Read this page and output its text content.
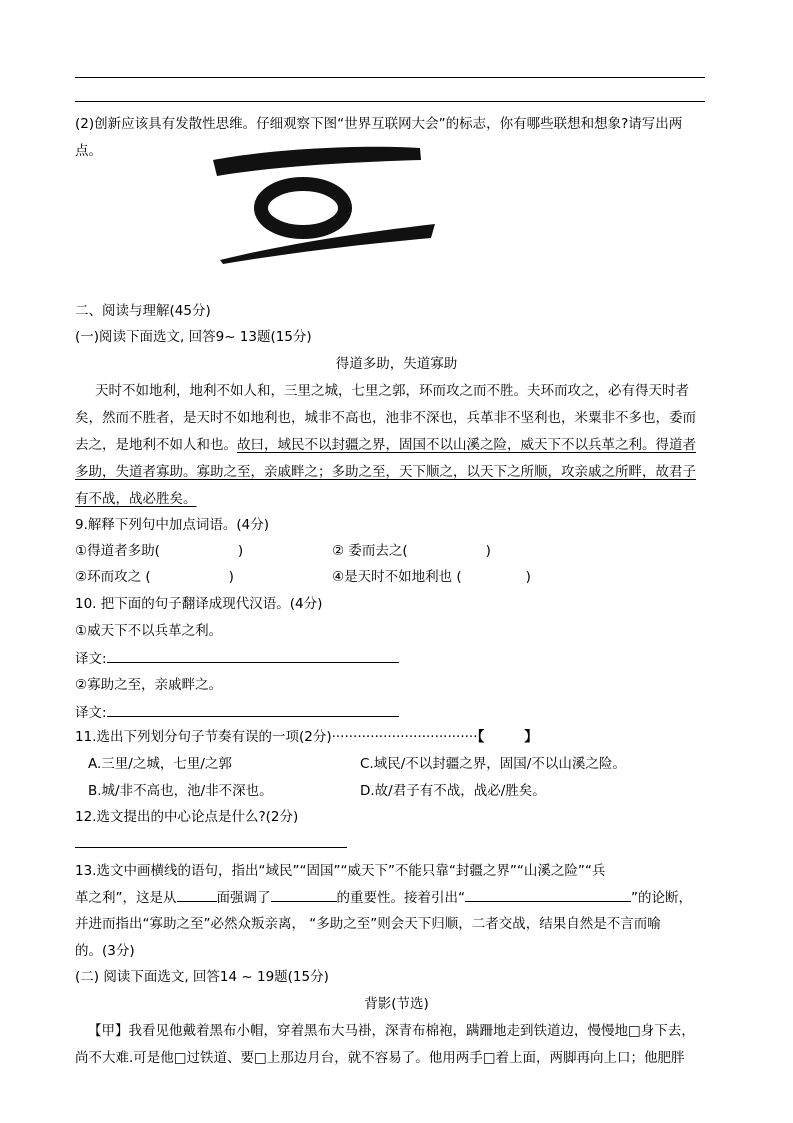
(2)创新应该具有发散性思维。仔细观察下图“世界互联网大会”的标志，你有哪些联想和想象?请写出两
点。
二、阅读与理解(45分)
(一)阅读下面选文, 回答9~ 13题(15分)
得道多助，失道寡助
天时不如地利，地利不如人和，三里之城，七里之郭，环而攻之而不胜。夫环而攻之，必有得天时者
矣，然而不胜者，是天时不如地利也，城非不高也，池非不深也，兵革非不坚利也，米粟非不多也，委而
去之，是地利不如人和也。故曰，域民不以封疆之界，固国不以山溪之险，威天下不以兵革之利。得道者
多助，失道者寡助。寡助之至，亲戚畔之；多助之至，天下顺之，以天下之所顺，攻亲戚之所畔，故君子
有不战，战必胜矣。
9.解释下列句中加点词语。(4分)
①得道者多助(	)	② 委而去之(	)
②环而攻之 (	)	④是天时不如地利也 (	)
10. 把下面的句子翻译成现代汉语。(4分)
①威天下不以兵革之利。
译文:
②寡助之至，亲戚畔之。
译文:
11.选出下列划分句子节奏有误的一项(2分)··································【	】
A.三里/之城，七里/之郭	C.域民/不以封疆之界，固国/不以山溪之险。
B.城/非不高也，池/非不深也。	D.故/君子有不战，战必/胜矣。
12.选文提出的中心论点是什么?(2分)
13.选文中画横线的语句，指出“域民”“固国”“威天下”不能只靠“封疆之界”“山溪之险”“兵
革之利”，这是从	面强调了	的重要性。接着引出“	”的论断，
并进而指出“寡助之至”必然众叛亲离， “多助之至”则会天下归顺，二者交战，结果自然是不言而喻
的。(3分)
(二) 阅读下面选文, 回答14 ~ 19题(15分)
背影(节选)
【甲】我看见他戴着黑布小帽，穿着黑布大马褂，深青布棉袍，蹒跚地走到铁道边，慢慢地□身下去，
尚不大难.可是他□过铁道、要□上那边月台，就不容易了。他用两手□着上面，两脚再向上口；他肥胖
